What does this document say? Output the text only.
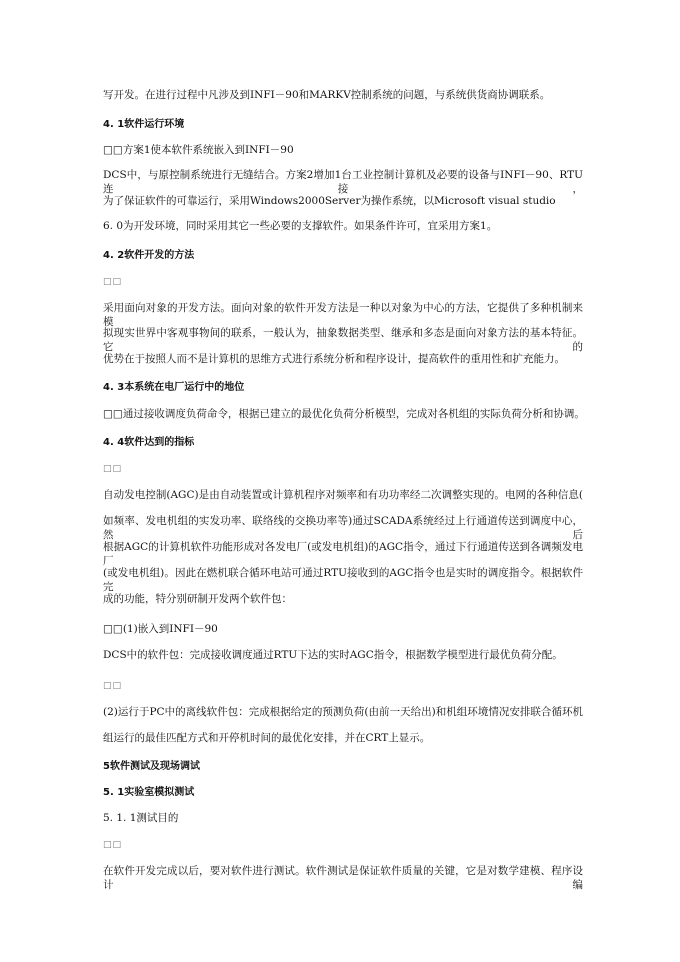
写开发。在进行过程中凡涉及到INFI－90和MARKV控制系统的问题，与系统供货商协调联系。
4. 1软件运行环境
□□方案1使本软件系统嵌入到INFI－90
DCS中，与原控制系统进行无缝结合。方案2增加1台工业控制计算机及必要的设备与INFI－90、RTU连接，
为了保证软件的可靠运行，采用Windows2000Server为操作系统，以Microsoft visual studio
6. 0为开发环境，同时采用其它一些必要的支撑软件。如果条件许可，宜采用方案1。
4. 2软件开发的方法
□□
采用面向对象的开发方法。面向对象的软件开发方法是一种以对象为中心的方法，它提供了多种机制来模
拟现实世界中客观事物间的联系，一般认为，抽象数据类型、继承和多态是面向对象方法的基本特征。它的
优势在于按照人而不是计算机的思维方式进行系统分析和程序设计，提高软件的重用性和扩充能力。
4. 3本系统在电厂运行中的地位
□□通过接收调度负荷命令，根据已建立的最优化负荷分析模型，完成对各机组的实际负荷分析和协调。
4. 4软件达到的指标
□□
自动发电控制(AGC)是由自动装置或计算机程序对频率和有功功率经二次调整实现的。电网的各种信息(
如频率、发电机组的实发功率、联络线的交换功率等)通过SCADA系统经过上行通道传送到调度中心，然后
根据AGC的计算机软件功能形成对各发电厂(或发电机组)的AGC指令，通过下行通道传送到各调频发电厂
(或发电机组)。因此在燃机联合循环电站可通过RTU接收到的AGC指令也是实时的调度指令。根据软件完
成的功能，特分别研制开发两个软件包：
□□(1)嵌入到INFI－90
DCS中的软件包：完成接收调度通过RTU下达的实时AGC指令，根据数学模型进行最优负荷分配。
□□
(2)运行于PC中的离线软件包：完成根据给定的预测负荷(由前一天给出)和机组环境情况安排联合循环机
组运行的最佳匹配方式和开停机时间的最优化安排，并在CRT上显示。
5软件测试及现场调试
5. 1实验室模拟测试
5. 1. 1测试目的
□□
在软件开发完成以后，要对软件进行测试。软件测试是保证软件质量的关键，它是对数学建模、程序设计编
